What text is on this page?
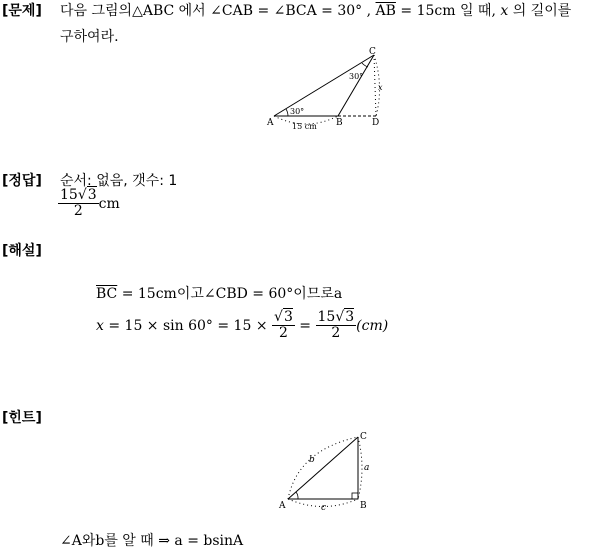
[문제] 다음 그림의△ABC 에서 ∠CAB = ∠BCA = 30° , $\overline{AB} = 15cm$ 일 때, x 의 길이를
구하여라.
A	B
C
D
30°
30°
15 cm
x
[정답] 순서: 없음, 갯수: 1
$\frac{15√3}{2}$ cm
[해설]
$\overline{BC} = 15cm$이고∠CBD = 60°이므로a
$x = 15 \times \sin 60^\circ = 15 \times \frac{√3}{2} = \frac{15√3}{2} (cm)$
[힌트]
A	B
C
a
b
c
∠A와b를 알 때 ⇒ a = bsinA
